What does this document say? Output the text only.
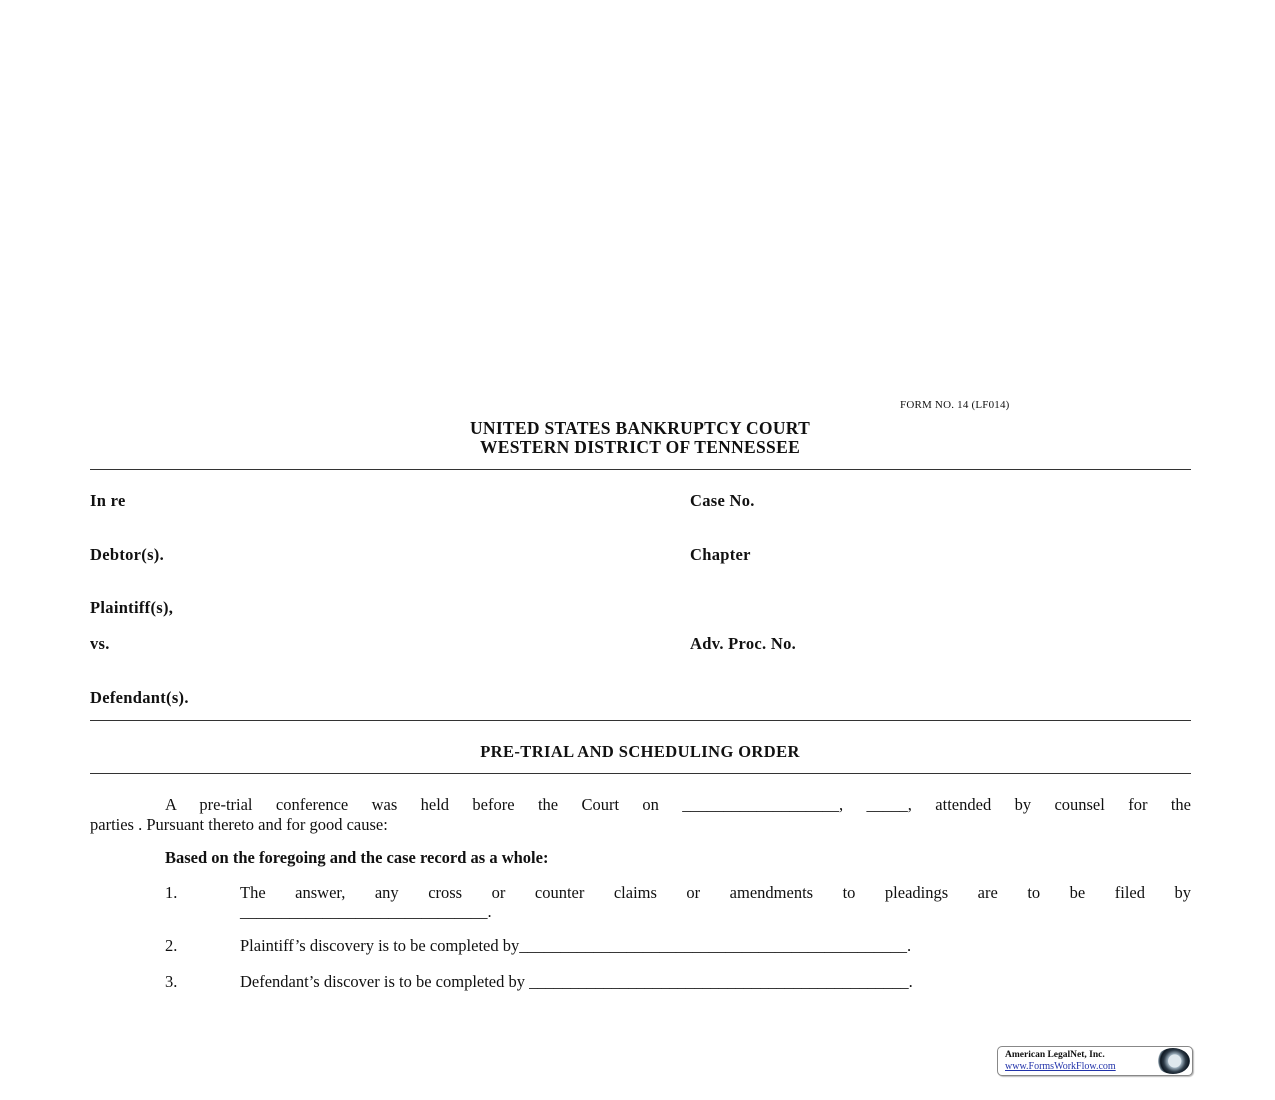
FORM NO. 14 (LF014)
UNITED STATES BANKRUPTCY COURT
WESTERN DISTRICT OF TENNESSEE
In re	Case No.
Debtor(s).	Chapter
Plaintiff(s),
vs.	Adv. Proc. No.
Defendant(s).
PRE-TRIAL AND SCHEDULING ORDER
A pre-trial conference was held before the Court on ___________________, _____, attended by counsel for the
parties . Pursuant thereto and for good cause:
Based on the foregoing and the case record as a whole:
1.	The answer, any cross or counter claims or amendments to pleadings are to be filed by
______________________________.
2.	Plaintiff’s discovery is to be completed by_______________________________________________.
3.	Defendant’s discover is to be completed by ______________________________________________.
American LegalNet, Inc.
www.FormsWorkFlow.com
